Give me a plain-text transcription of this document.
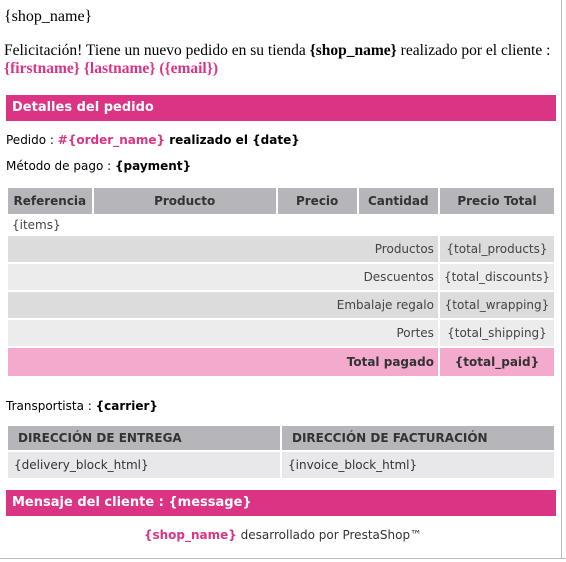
{shop_name}
Felicitación! Tiene un nuevo pedido en su tienda {shop_name} realizado por el cliente :
{firstname} {lastname} ({email})
Detalles del pedido
Pedido : #{order_name} realizado el {date}
Método de pago : {payment}
Referencia	Producto	Precio	Cantidad	Precio Total
{items}				
Productos				{total_products}
Descuentos				{total_discounts}
Embalaje regalo				{total_wrapping}
Portes				{total_shipping}
Total pagado				{total_paid}
Transportista : {carrier}
DIRECCIÓN DE ENTREGA	DIRECCIÓN DE FACTURACIÓN
{delivery_block_html}	{invoice_block_html}
Mensaje del cliente : {message}
{shop_name} desarrollado por PrestaShop™
